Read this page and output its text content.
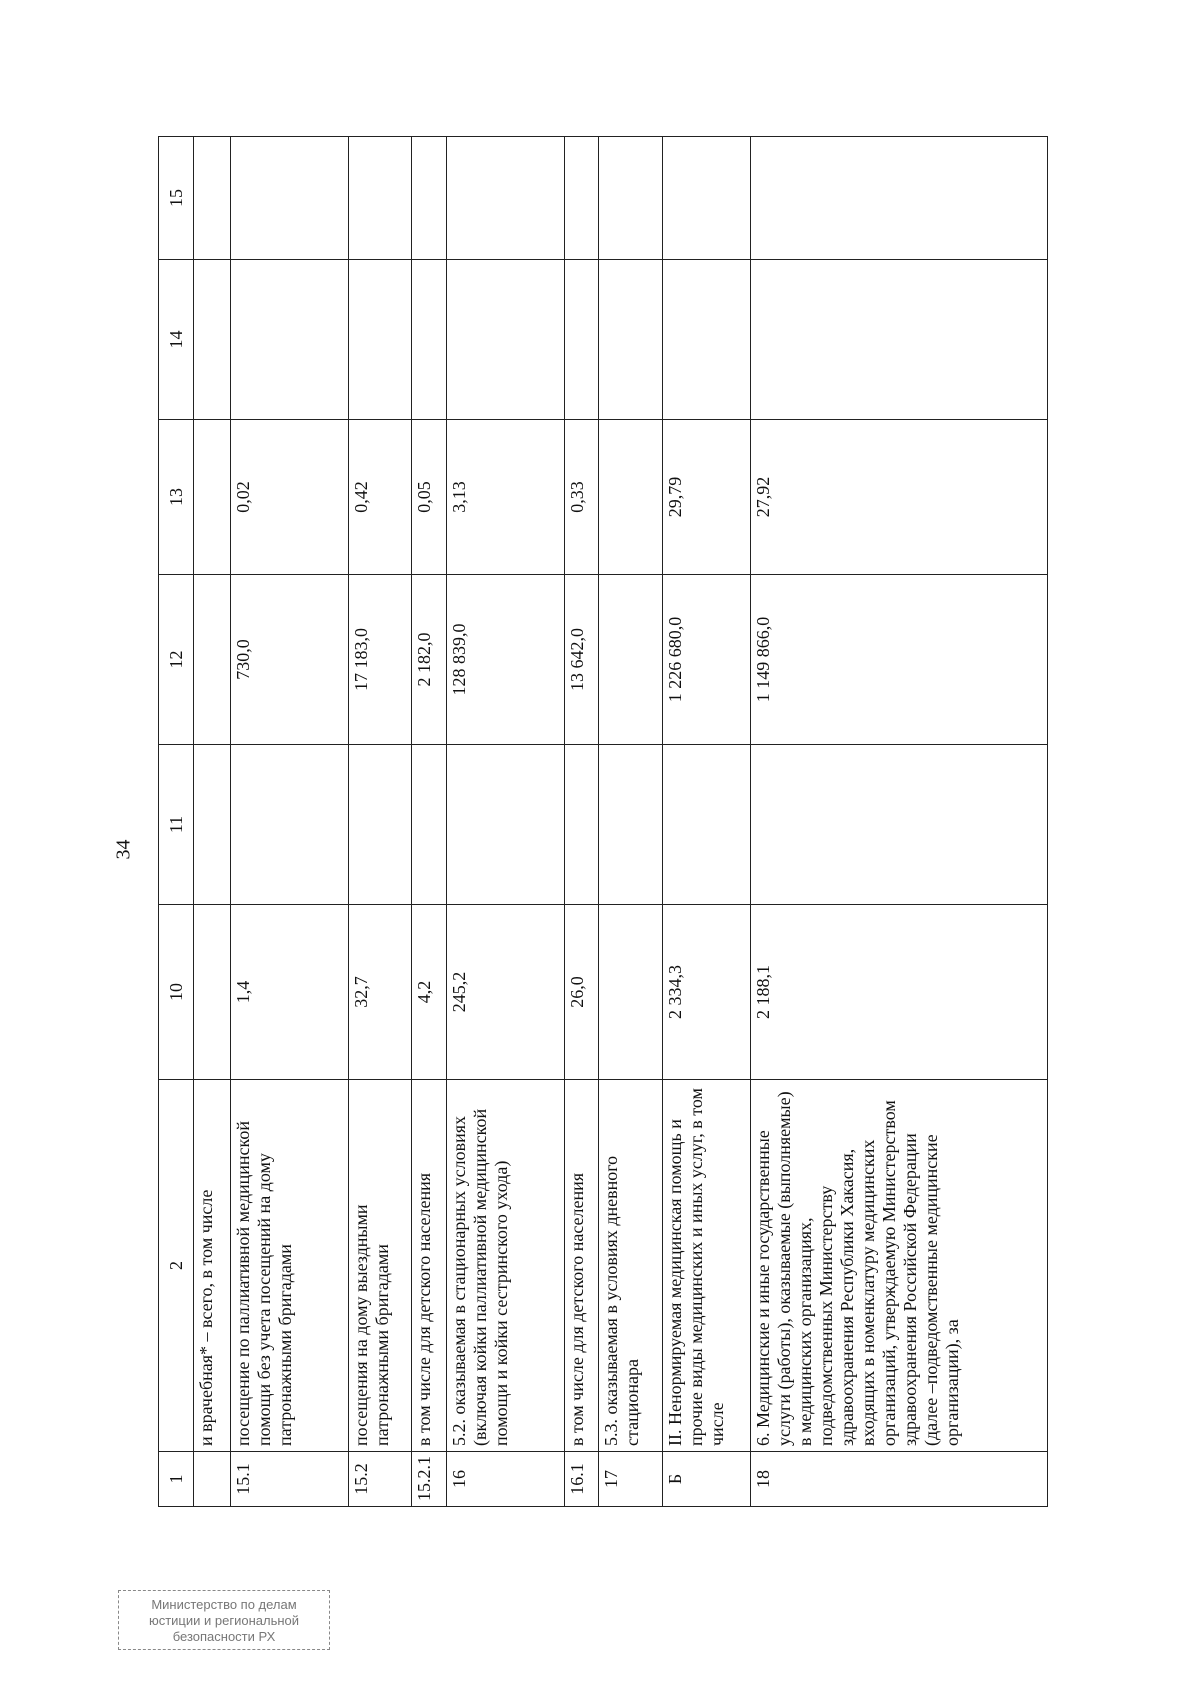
34
1	2	10	11	12	13	14	15
	и врачебная* – всего, в том числе						
15.1	посещение по паллиативной медицинской помощи без учета посещений на дому патронажными бригадами	1,4		730,0	0,02		
15.2	посещения на дому выездными патронажными бригадами	32,7		17 183,0	0,42		
15.2.1	в том числе для детского населения	4,2		2 182,0	0,05		
16	5.2. оказываемая в стационарных условиях (включая койки паллиативной медицинской помощи и койки сестринского ухода)	245,2		128 839,0	3,13		
16.1	в том числе для детского населения	26,0		13 642,0	0,33		
17	5.3. оказываемая в условиях дневного стационара						
Б	II. Ненормируемая медицинская помощь и прочие виды медицинских и иных услуг, в том числе	2 334,3		1 226 680,0	29,79		
18	6. Медицинские и иные государственные услуги (работы), оказываемые (выполняемые) в медицинских организациях, подведомственных Министерству здравоохранения Республики Хакасия, входящих в номенклатуру медицинских организаций, утверждаемую Министерством здравоохранения Российской Федерации (далее –подведомственные медицинские организации), за	2 188,1		1 149 866,0	27,92		
Министерство по делам
юстиции и региональной
безопасности РХ
